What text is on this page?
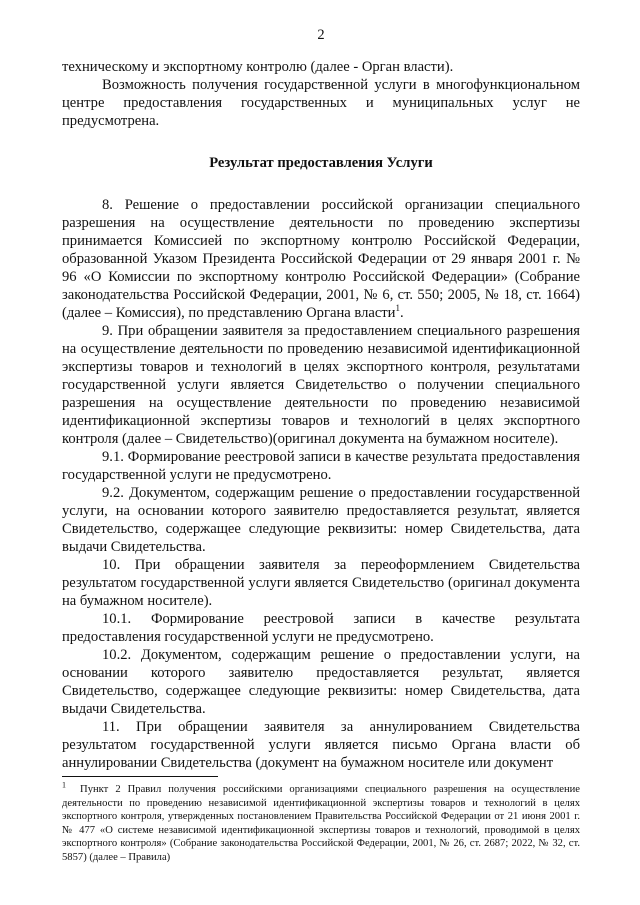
2

техническому и экспортному контролю (далее - Орган власти).

Возможность получения государственной услуги в многофункциональном центре предоставления государственных и муниципальных услуг не предусмотрена.

Результат предоставления Услуги

8. Решение о предоставлении российской организации специального разрешения на осуществление деятельности по проведению экспертизы принимается Комиссией по экспортному контролю Российской Федерации, образованной Указом Президента Российской Федерации от 29 января 2001 г. № 96 «О Комиссии по экспортному контролю Российской Федерации» (Собрание законодательства Российской Федерации, 2001, № 6, ст. 550; 2005, № 18, ст. 1664) (далее – Комиссия), по представлению Органа власти$^1$.

9. При обращении заявителя за предоставлением специального разрешения на осуществление деятельности по проведению независимой идентификационной экспертизы товаров и технологий в целях экспортного контроля, результатами государственной услуги является Свидетельство о получении специального разрешения на осуществление деятельности по проведению независимой идентификационной экспертизы товаров и технологий в целях экспортного контроля (далее – Свидетельство)(оригинал документа на бумажном носителе).

9.1. Формирование реестровой записи в качестве результата предоставления государственной услуги не предусмотрено.

9.2. Документом, содержащим решение о предоставлении государственной услуги, на основании которого заявителю предоставляется результат, является Свидетельство, содержащее следующие реквизиты: номер Свидетельства, дата выдачи Свидетельства.

10. При обращении заявителя за переоформлением Свидетельства результатом государственной услуги является Свидетельство (оригинал документа на бумажном носителе).

10.1. Формирование реестровой записи в качестве результата предоставления государственной услуги не предусмотрено.

10.2. Документом, содержащим решение о предоставлении услуги, на основании которого заявителю предоставляется результат, является Свидетельство, содержащее следующие реквизиты: номер Свидетельства, дата выдачи Свидетельства.

11. При обращении заявителя за аннулированием Свидетельства результатом государственной услуги является письмо Органа власти об аннулировании Свидетельства (документ на бумажном носителе или документ

$^1$ Пункт 2 Правил получения российскими организациями специального разрешения на осуществление деятельности по проведению независимой идентификационной экспертизы товаров и технологий в целях экспортного контроля, утвержденных постановлением Правительства Российской Федерации от 21 июня 2001 г. № 477 «О системе независимой идентификационной экспертизы товаров и технологий, проводимой в целях экспортного контроля» (Собрание законодательства Российской Федерации, 2001, № 26, ст. 2687; 2022, № 32, ст. 5857) (далее – Правила)
